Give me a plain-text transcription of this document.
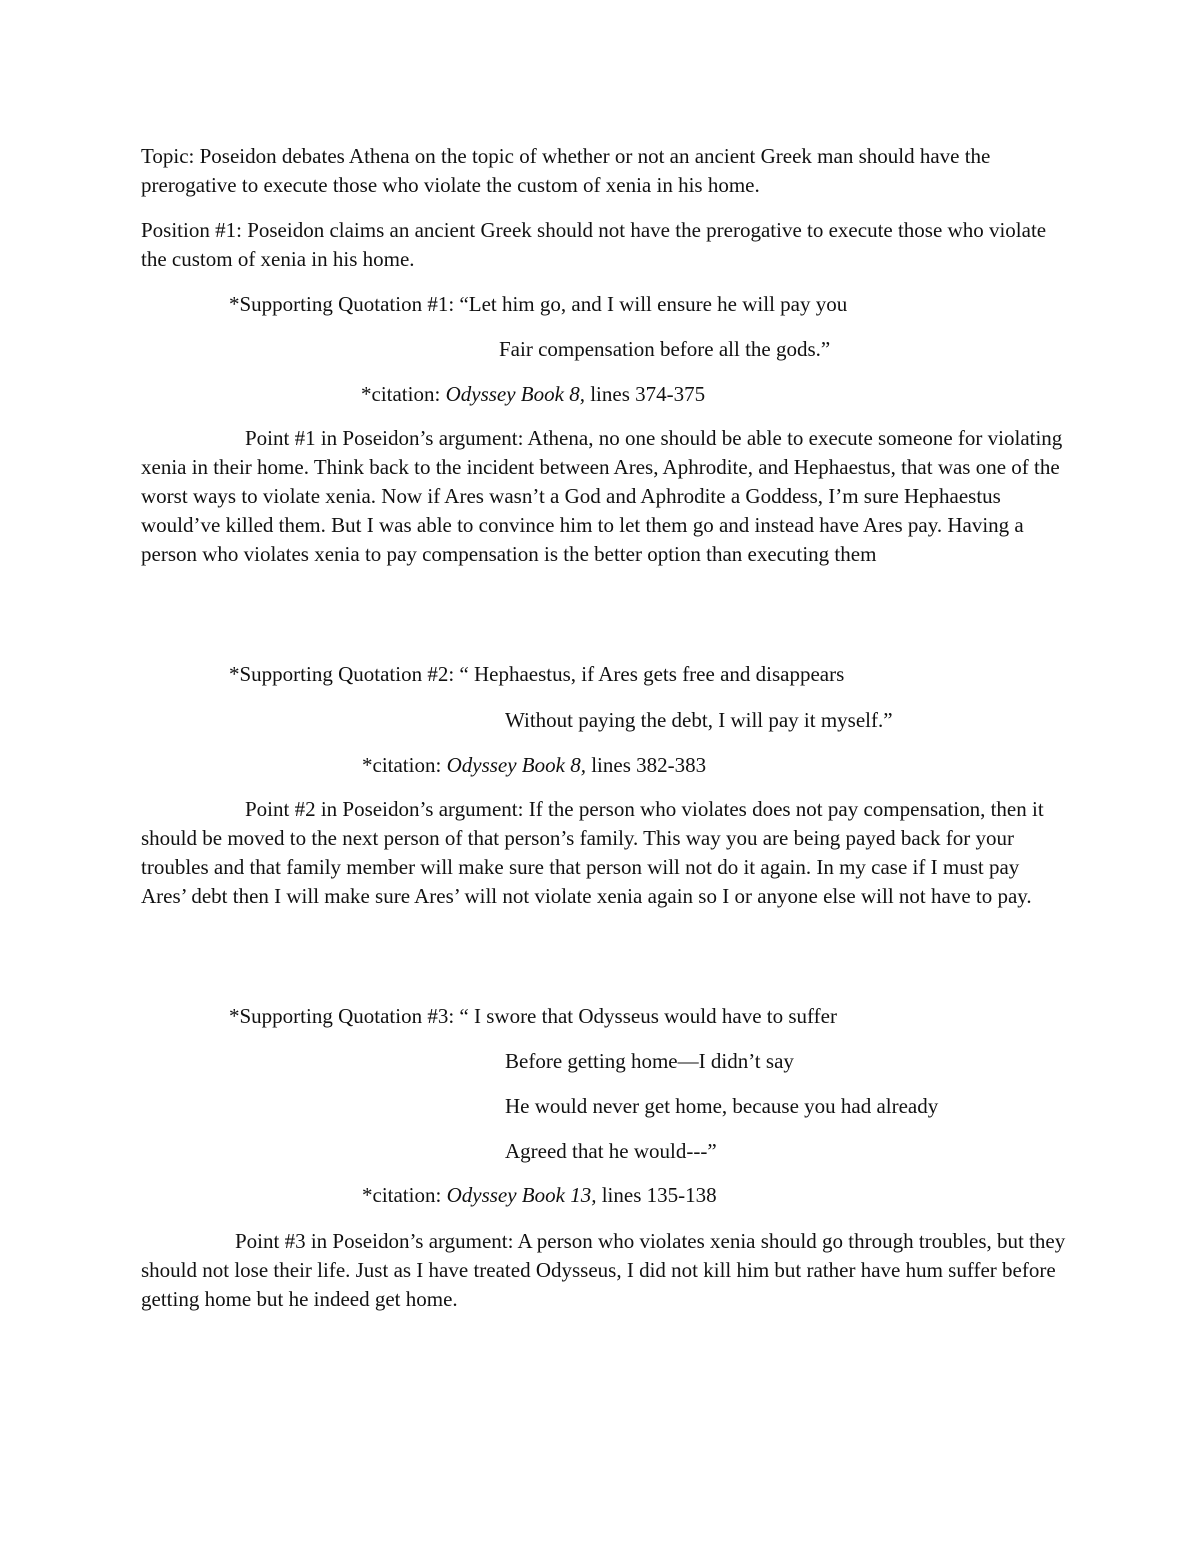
Topic: Poseidon debates Athena on the topic of whether or not an ancient Greek man should have the prerogative to execute those who violate the custom of xenia in his home.

Position #1: Poseidon claims an ancient Greek should not have the prerogative to execute those who violate the custom of xenia in his home.

*Supporting Quotation #1: “Let him go, and I will ensure he will pay you

Fair compensation before all the gods.”

*citation: Odyssey Book 8, lines 374-375

Point #1 in Poseidon’s argument: Athena, no one should be able to execute someone for violating xenia in their home. Think back to the incident between Ares, Aphrodite, and Hephaestus, that was one of the worst ways to violate xenia. Now if Ares wasn’t a God and Aphrodite a Goddess, I’m sure Hephaestus would’ve killed them. But I was able to convince him to let them go and instead have Ares pay. Having a person who violates xenia to pay compensation is the better option than executing them

*Supporting Quotation #2: “ Hephaestus, if Ares gets free and disappears

Without paying the debt, I will pay it myself.”

*citation: Odyssey Book 8, lines 382-383

Point #2 in Poseidon’s argument: If the person who violates does not pay compensation, then it should be moved to the next person of that person’s family. This way you are being payed back for your troubles and that family member will make sure that person will not do it again. In my case if I must pay Ares’ debt then I will make sure Ares’ will not violate xenia again so I or anyone else will not have to pay.

*Supporting Quotation #3: “ I swore that Odysseus would have to suffer

Before getting home—I didn’t say

He would never get home, because you had already

Agreed that he would---”

*citation: Odyssey Book 13, lines 135-138

Point #3 in Poseidon’s argument: A person who violates xenia should go through troubles, but they should not lose their life. Just as I have treated Odysseus, I did not kill him but rather have hum suffer before getting home but he indeed get home.
